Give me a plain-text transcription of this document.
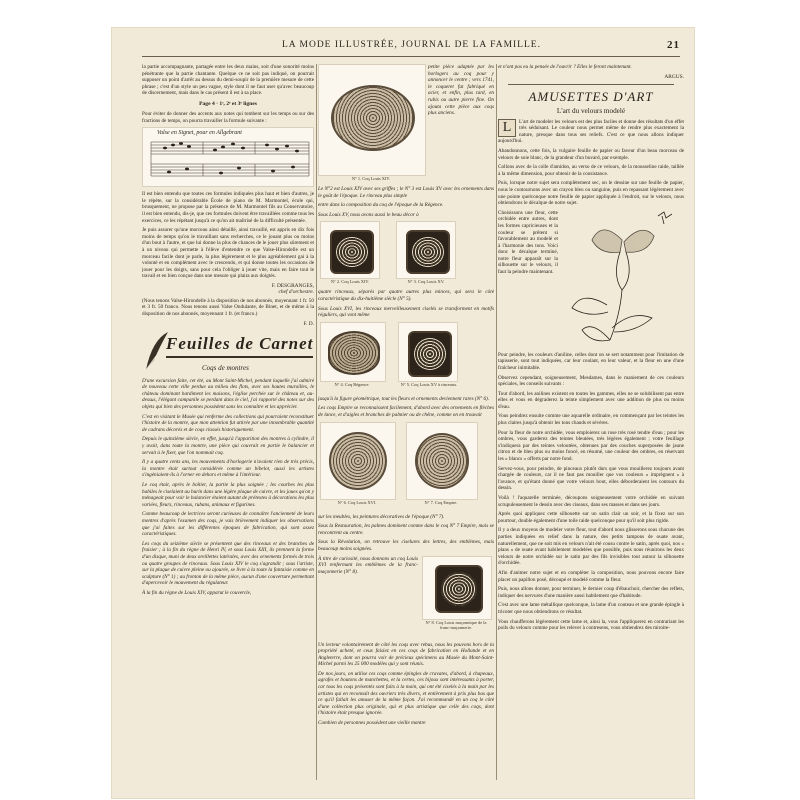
LA MODE ILLUSTRÉE, JOURNAL DE LA FAMILLE.	21

la partie accompagnante, partagée entre les deux mains, soit d'une sonorité moins pénétrante que la partie chantante. Quelque ce ne soit pas indiqué, on pourrait supposer un point d'arrêt au dessus du demi-soupir de la première mesure de cette phrase ; c'est d'un style un peu vague, style dont il ne faut user qu'avec beaucoup de discernement, mais dans le cas présent il est à sa place.

Page 4 · 1ˢ, 2ᵉ et 3ᵉ lignes

Pour éviter de donner des accents aux notes qui tombent sur les temps ou sur des fractions de temps, on pourra travailler la formule suivante :

Valse en Signet, pour en Allgebrant

Il est bien entendu que toutes ces formules indiquées plus haut et bien d'autres, je le répète, sur la considérable École de piano de M. Marmontel, école qui, brusquement, ne propose par la présence de M. Marmontel fils au Conservatoire, il est bien entendu, dis-je, que ces formules doivent être travaillées comme tous les exercices, ce les répétant jusqu'à ce qu'on ait maîtrisé de la difficulté présentée.

Je puis assurer qu'une morceau ainsi détaillé, ainsi travaillé, est appris en dix fois moins de temps qu'on le travaillant sans recherches, ce le jouant plus ou moins d'un bout à l'autre, et que lui donne la plus de chances de le jouer plus sûrement et à un niveau qui permette à l'élève d'entendre ce que Valse-Hirondelle est un morceau facile dont je parle, la plus légèrement et le plus agréablement gai à la volonté et en complément avec le crescendo, et qui donne toutes les occasions de jouer pour les doigts, sans pour cela l'obliger à jouer vite, mais en faire tout le travail et en bien conçue dans une mesure qui plaira aux doigtés.

F. DESGRANGES,
chef d'orchestre.

(Nous tenons Valse-Hirondelle à la disposition de nos abonnés, moyennant 1 fr. 50 et 3 fr. 50 franco. Nous tenons aussi Valse Ondulante, de Binet, et de même à la disposition de nos abonnés, moyennant 1 fr. (et franco.)

F. D.
Feuilles de Carnet
Coqs de montres

D'une excursion faite, cet été, au Mont Saint-Michel, pendant laquelle j'ai admiré de nouveau cette ville perdue au milieu des flots, avec ses hautes murailles, le château dominant hardiment les maisons, l'église perchée sur le château et, au-dessus, l'élégant campanile se perdant dans le ciel, j'ai rapporté des notes sur des objets qui bien des personnes possèdent sans les connaître et les apprécier.

C'est en visitant le Musée qui renferme des collections qui pourraient reconstituer l'histoire de la montre, que mon attention fut attirée par une innombrable quantité de cadrans décorés et de coqs classés historiquement.

Depuis le quinzième siècle, en effet, jusqu'à l'apparition des montres à cylindre, il y avait, dans toute la montre, une pièce qui couvrait en partie le balancier et servait à le fixer, que l'on nommait coq.

Il y a quatre cents ans, les mouvements d'horlogerie n'avaient rien de très précis, la montre était surtout considérée comme un bibelot, aussi les artistes s'ingéniaient-ils à l'orner en dehors et même à l'intérieur.

Le coq était, après le boîtier, la partie la plus soignée ; les courbes les plus habiles le ciselaient au burin dans une légère plaque de cuivre, et les joues qu'on y ménageait pour voir le balancier étaient autant de prétextes à décorations les plus variées, fleurs, rinceaux, rubans, animaux et figurines.

Comme beaucoup de lectrices seront curieuses de connaître l'ancienneté de leurs montres d'après l'examen des coqs, je vais brièvement indiquer les observations que j'ai faites sur les différentes époques de fabrication, qui sont assez caractéristiques.

Les coqs du seizième siècle se présentent que des rinceaux et des branches de fraisier ; à la fin du règne de Henri IV, et sous Louis XIII, ils prennent la forme d'un disque, muni de deux oreillettes latérales, avec des ornements formés de trois ou quatre groupes de rinceaux. Sous Louis XIV le coq s'agrandit ; sous l'artiste, sur la plaque de cuivre pleine ou ajourée, se livre à la toute la fantaisie comme en sculpture (N° 1) ; au fronton de la même pièce, aucun d'une couverture permettant d'apercevoir le mouvement du régulateur.

À la fin du règne de Louis XIV, apparut le couvercle,

petite pièce adaptée par les horlogers au coq pour y annoncer le centre ; vers 1741, le coqueret fut fabriqué en acier, et enfin, plus tard, en rubis ou autre pierre fine. On ajouta cette pièce aux coqs plus anciens.

N° 1. Coq Louis XIV.

Le N°2 est Louis XIV avec ses griffes ; le N° 3 est Louis XV avec les ornements dans le goût de l'époque. Le rinceau plus simple

entre dans la composition du coq de l'époque de la Régence.

Sous Louis XV, nous avons aussi le beau décor à

N° 2. Coq Louis XIV.	N° 3. Coq Louis XV.

quatre rinceaux, séparés par quatre autres plus minces, qui sera le côté caractéristique du dix-huitième siècle (N° 5).

Sous Louis XVI, les rinceaux merveilleusement ciselés se transforment en motifs réguliers, qui vont même

N° 4. Coq Régence.	N° 5. Coq Louis XV à rinceaux.

jusqu'à la figure géométrique, tout les fleurs et ornements deviennent rares (N° 6).

Les coqs Empire se reconnaissent facilement, d'abord avec des ornements en flèches de lance, et d'aigles et branches de palmier ou de chêne, comme on en trouvait

N° 6. Coq Louis XVI.	N° 7. Coq Empire.

sur les meubles, les peintures décoratives de l'époque (N° 7).

Sous la Restauration, les palmes dominent comme dans le coq N° 7 Empire, mais se rencontrent au centre.

Sous la Révolution, on retrouve les ciselures des lettres, des emblèmes, mais beaucoup moins soignées.

À titre de curiosité, nous donnons un coq Louis XVI renfermant les emblèmes de la franc-maçonnerie (N° 8).

N° 8. Coq Louis maçonnique de la franc-maçonnerie.

Un lecteur volontairement de côté les coqs avec rebus, nous les pouvons hors de la propriété acheté, et ceux faisiez en ces coqs de fabrication en Hollande et en Angleterre, dont on pourra voir de précieux spécimens au Musée du Mont-Saint-Michel parmi les 25 000 modèles qui y sont réunis.

De nos jours, on utilise ces coqs comme épingles de cravates, d'abord, à chapeaux, agrafes et boutons de manchettes, et la certes, ces bijoux sont intéressants à porter, car tous les coqs présentés sont faits à la main, qui ont été ciselés à la main par les artistes qui en reconnaît des ouvriers très divers, et entièrement à prix plus bas que ce qu'il fallait les amuser de la même façon. J'ai recommandé en un coq le côté d'une collection plus originale, qui et plus artistique que celle des coqs, dont l'histoire était presque ignorée.

Combien de personnes possèdent une vieille montre

et n'ont pas eu la pensée de l'ouvrir ? Elles le feront maintenant.

ARGUS.
AMUSETTES D'ART
L'art du velours modelé

L	L'art de modeler les velours est des plus faciles et donne des résultats d'un effet très séduisant. Le couleur nous permet même de rendre plus exactement la nature, presque dans tous ses reliefs. C'est ce que nous allons indiquer aujourd'hui.

Abandonnons, cette fois, la vulgaire feuille de papier ou faveur d'un beau morceau de velours de soie blanc, de la grandeur d'un buvard, par exemple.

Collons avec de la colle d'amidon, au verso de ce velours, de la mousseline raide, taillée à la même dimension, pour obtenir de la consistance.

Puis, lorsque notre sujet sera complètement sec, on le dessine sur une feuille de papier, nous le contournons avec un crayon bleu ou sanguine, puis en repassant légèrement avec une pointe quelconque notre feuille de papier appliquée à l'endroit, sur le velours, nous obtiendrons le décalque de notre sujet.

Choisissons une fleur, cette orchidée entre autres, dont les formes capricieuses et la couleur se prêtent si favorablement au modelé et à l'harmonie des tons. Voici donc le décalque terminé, notre fleur apparaît sur la silhouette sur le velours, il faut la peindre maintenant.

Pour peindre, les couleurs d'aniline, celles dont on se sert notamment pour l'imitation de tapisserie, sont tout indiquées, car leur coulant, en leur valeur, et la fleur en une d'une fraîcheur inimitable.

Observez cependant, soigneusement, Mesdames, dans le maniement de ces couleurs spéciales, les conseils suivants :

Tout d'abord, les anilines existent en toutes les gammes, elles ne se solubilisent pas entre elles et vous en dégraderez la teinte simplement avec une addition de plus ou moins d'eau.

Vous peindrez ensuite comme une aquarelle ordinaire, en commençant par les teintes les plus claires jusqu'à obtenir les tons chauds et sévères.

Pour la fleur de notre orchidée, vous emploierez un rose très rosé tendre d'eau ; pour les ombres, vous garderez des teintes bleutées, très légères également ; votre feuillage s'indiquera par des teintes veloutées, obtenues par des couches superposées de jaune citron et de bleu plus ou moins foncé, en résumé, une couleur des ombres, en réservant les « blancs » offerts par notre fond.

Servez-vous, pour peindre, de pinceaux plutôt durs que vous mouillerez toujours avant chargée de couleurs, car il ne faut pas mouiller que vos couleurs « imprègnent » à l'avance, et qu'étant donné que votre velours bout, elles déborderaient les contours du dessin.

Voilà ! l'aquarelle terminée, découpons soigneusement votre orchidée en suivant scrupuleusement le dessin avec des ciseaux, dans ses masses et dans ses jours.

Après quoi appliquez cette silhouette sur un satin clair un soir, et la fixez sur son pourtour, double également d'une toile raide quelconque pour qu'il soit plus rigide.

Il y a deux moyens de modeler votre fleur, tout d'abord nous glisserons sous chacune des parties indiquées en relief dans la nature, des petits tampons de ouate avant, naturellement, que ne soit mis en velours n'ait été cousu contre le satin, après quoi, nos « plans » de ouate avant habilement modelées que possible, puis nous réunirons les deux velours de notre orchidée sur le satin par des fils invisibles tout autour la silhouette d'orchidée.

Afin d'animer notre sujet et en compléter la composition, nous pouvons encore faire placer un papillon posé, découpé et modelé comme la fleur.

Puis, nous allons donner, pour terminer, le dernier coup d'ébauchoir, chercher des reflets, indiquer des nervures d'une manière aussi habilement que d'habitude.

C'est avec une lame métallique quelconque, la lame d'un couteau et une grande épingle à tricoter que nous obtiendrons ce résultat.

Vous chaufferons légèrement cette lame et, ainsi la, vous l'appliquerez en contrariant les poils du velours comme pour les relever à contresens, vous obtiendrez des miroite-
